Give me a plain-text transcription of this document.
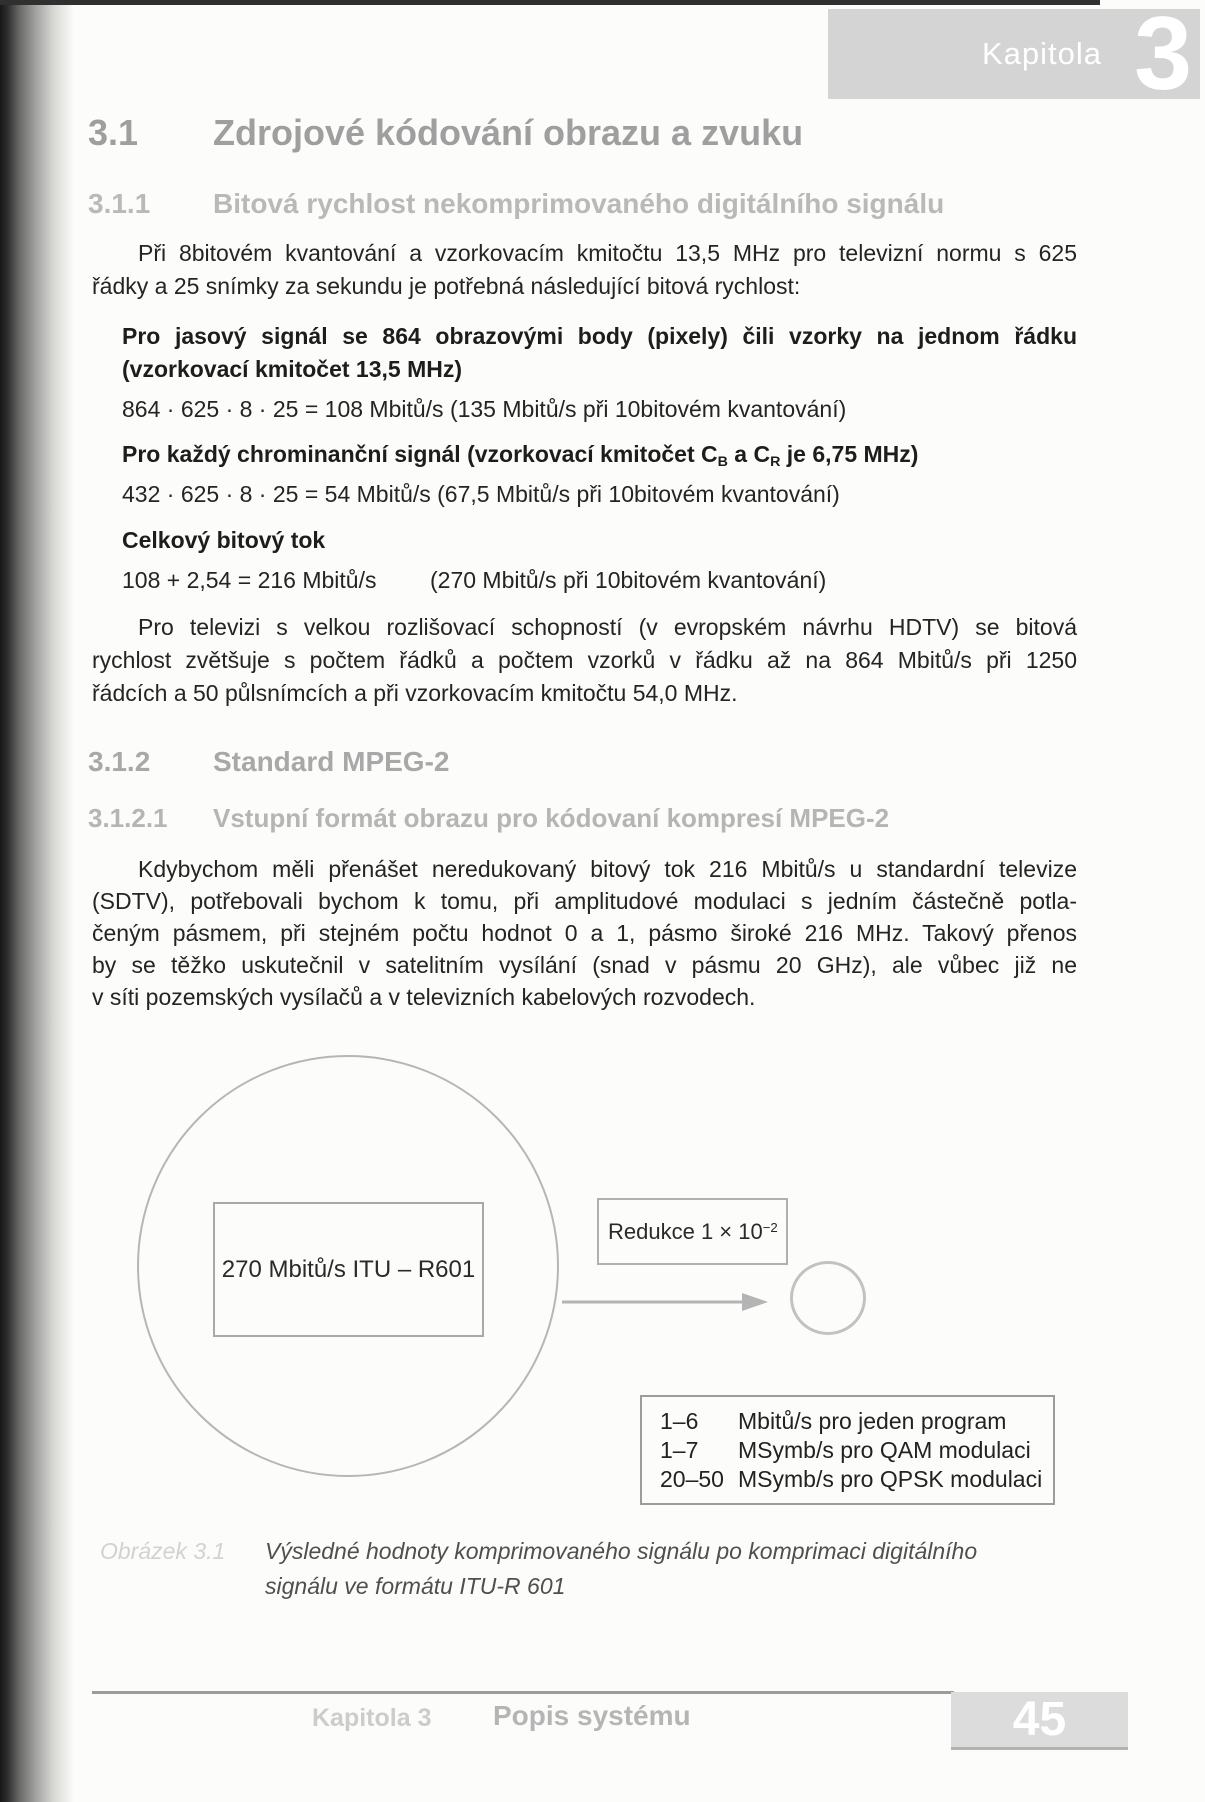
Kapitola 3
3.1 Zdrojové kódování obrazu a zvuku
3.1.1 Bitová rychlost nekomprimovaného digitálního signálu
Při 8bitovém kvantování a vzorkovacím kmitočtu 13,5 MHz pro televizní normu s 625
řádky a 25 snímky za sekundu je potřebná následující bitová rychlost:
Pro jasový signál se 864 obrazovými body (pixely) čili vzorky na jednom řádku
(vzorkovací kmitočet 13,5 MHz)
864 · 625 · 8 · 25 = 108 Mbitů/s (135 Mbitů/s při 10bitovém kvantování)
Pro každý chrominanční signál (vzorkovací kmitočet $C_B$ a $C_R$ je 6,75 MHz)
432 · 625 · 8 · 25 = 54 Mbitů/s (67,5 Mbitů/s při 10bitovém kvantování)
Celkový bitový tok
108 + 2,54 = 216 Mbitů/s (270 Mbitů/s při 10bitovém kvantování)
Pro televizi s velkou rozlišovací schopností (v evropském návrhu HDTV) se bitová
rychlost zvětšuje s počtem řádků a počtem vzorků v řádku až na 864 Mbitů/s při 1250
řádcích a 50 půlsnímcích a při vzorkovacím kmitočtu 54,0 MHz.
3.1.2 Standard MPEG-2
3.1.2.1 Vstupní formát obrazu pro kódovaní kompresí MPEG-2
Kdybychom měli přenášet neredukovaný bitový tok 216 Mbitů/s u standardní televize
(SDTV), potřebovali bychom k tomu, při amplitudové modulaci s jedním částečně potla-
čeným pásmem, při stejném počtu hodnot 0 a 1, pásmo široké 216 MHz. Takový přenos
by se těžko uskutečnil v satelitním vysílání (snad v pásmu 20 GHz), ale vůbec již ne
v síti pozemských vysílačů a v televizních kabelových rozvodech.
270 Mbitů/s ITU – R601
Redukce $1 \times 10^{-2}$
1–6	Mbitů/s pro jeden program
1–7	MSymb/s pro QAM modulaci
20–50 MSymb/s pro QPSK modulaci
Obrázek 3.1 Výsledné hodnoty komprimovaného signálu po komprimaci digitálního
signálu ve formátu ITU-R 601
Kapitola 3 Popis systému	45
